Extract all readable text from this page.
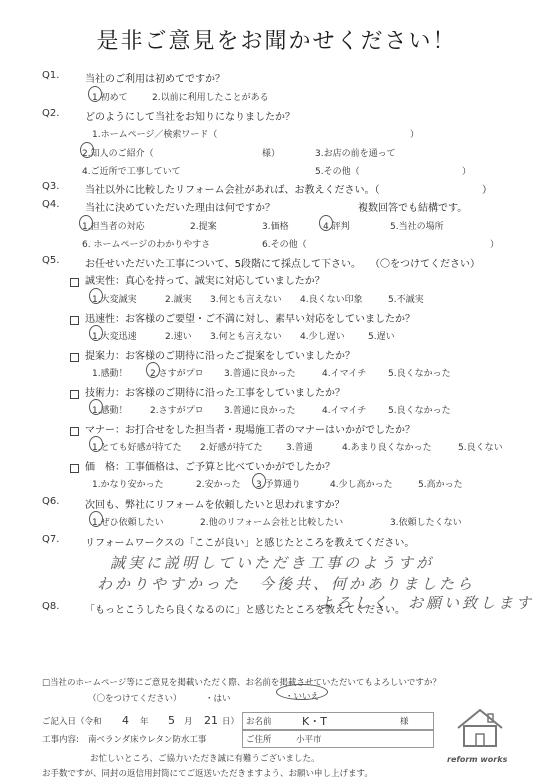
是非ご意見をお聞かせください！
Q1.	当社のご利用は初めてですか？
1.初めて	2.以前に利用したことがある
Q2.	どのようにして当社をお知りになりましたか？
1.ホームページ／検索ワード（	）
2.知人のご紹介（	様）	3.お店の前を通って
4.ご近所で工事していて	5.その他（	）
Q3.	当社以外に比較したリフォーム会社があれば、お教えください。（	）
Q4.	当社に決めていただいた理由は何ですか？	複数回答でも結構です。
1.担当者の対応	2.提案	3.価格	4.評判	5.当社の場所
6. ホームページのわかりやすさ	6.その他（	）
Q5.	お任せいただいた工事について、5段階にて採点して下さい。 （〇をつけてください）
誠実性：真心を持って、誠実に対応していましたか？
1.大変誠実	2.誠実 3.何とも言えない 4.良くない印象	5.不誠実
迅速性：お客様のご要望・ご不満に対し、素早い対応をしていましたか？
1.大変迅速	2.速い 3.何とも言えない 4.少し遅い	5.遅い
提案力：お客様のご期待に沿ったご提案をしていましたか？
1.感動！ 2.さすがプロ 3.普通に良かった	4.イマイチ 5.良くなかった
技術力：お客様のご期待に沿った工事をしていましたか？
1.感動！ 2.さすがプロ 3.普通に良かった	4.イマイチ 5.良くなかった
マナー：お打合せをした担当者・現場施工者のマナーはいかがでしたか？
1.とても好感が持てた 2.好感が持てた	3.普通	4.あまり良くなかった	5.良くない
価　格：工事価格は、ご予算と比べていかがでしたか？
1.かなり安かった	2.安かった 3.予算通り	4.少し高かった	5.高かった
Q6.	次回も、弊社にリフォームを依頼したいと思われますか？
1.ぜひ依頼したい	2.他のリフォーム会社と比較したい	3.依頼したくない
Q7.	リフォームワークスの「ここが良い」と感じたところを教えてください。
誠実に説明していただき工事のようすが
わかりやすかった　今後共、何かありましたら
よろしく　お願い致します
Q8.	「もっとこうしたら良くなるのに」と感じたところを教えてください。
□当社のホームページ等にご意見を掲載いただく際、お名前を掲載させていただいてもよろしいですか？
（〇をつけてください）	・はい	・いいえ
ご記入日（令和 4 年 5 月 21 日） お名前	K・T	様
工事内容: 南ベランダ床ウレタン防水工事	ご住所	小平市
お忙しいところ、ご協力いただき誠に有難うございました。
お手数ですが、同封の返信用封筒にてご返送いただきますよう、お願い申し上げます。
reform works
